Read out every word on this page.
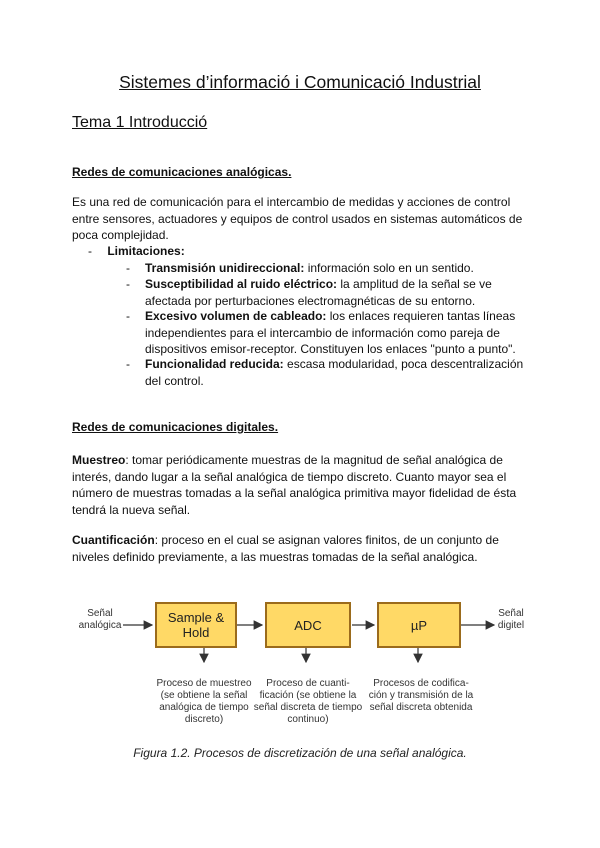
Sistemes d’informació i Comunicació Industrial
Tema 1 Introducció
Redes de comunicaciones analógicas.
Es una red de comunicación para el intercambio de medidas y acciones de control
entre sensores, actuadores y equipos de control usados en sistemas automáticos de
poca complejidad.
- Limitaciones:
- Transmisión unidireccional: información solo en un sentido.
- Susceptibilidad al ruido eléctrico: la amplitud de la señal se ve
afectada por perturbaciones electromagnéticas de su entorno.
- Excesivo volumen de cableado: los enlaces requieren tantas líneas
independientes para el intercambio de información como pareja de
dispositivos emisor-receptor. Constituyen los enlaces "punto a punto".
- Funcionalidad reducida: escasa modularidad, poca descentralización
del control.
Redes de comunicaciones digitales.
Muestreo: tomar periódicamente muestras de la magnitud de señal analógica de
interés, dando lugar a la señal analógica de tiempo discreto. Cuanto mayor sea el
número de muestras tomadas a la señal analógica primitiva mayor fidelidad de ésta
tendrá la nueva señal.
Cuantificación: proceso en el cual se asignan valores finitos, de un conjunto de
niveles definido previamente, a las muestras tomadas de la señal analógica.
Señal
analógica
Señal
digitel
Sample &
Hold	ADC	µP
Proceso de muestreo
(se obtiene la señal
analógica de tiempo
discreto)
Proceso de cuanti-
ficación (se obtiene la
señal discreta de tiempo
continuo)
Procesos de codifica-
ción y transmisión de la
señal discreta obtenida
Figura 1.2. Procesos de discretización de una señal analógica.
